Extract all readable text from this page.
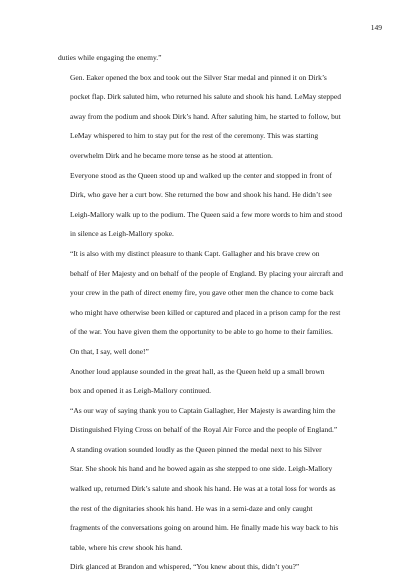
149

duties while engaging the enemy.”

Gen. Eaker opened the box and took out the Silver Star medal and pinned it on Dirk’s
pocket flap. Dirk saluted him, who returned his salute and shook his hand. LeMay stepped
away from the podium and shook Dirk’s hand. After saluting him, he started to follow, but
LeMay whispered to him to stay put for the rest of the ceremony. This was starting
overwhelm Dirk and he became more tense as he stood at attention.

Everyone stood as the Queen stood up and walked up the center and stopped in front of
Dirk, who gave her a curt bow. She returned the bow and shook his hand. He didn’t see
Leigh-Mallory walk up to the podium. The Queen said a few more words to him and stood
in silence as Leigh-Mallory spoke.

“It is also with my distinct pleasure to thank Capt. Gallagher and his brave crew on
behalf of Her Majesty and on behalf of the people of England. By placing your aircraft and
your crew in the path of direct enemy fire, you gave other men the chance to come back
who might have otherwise been killed or captured and placed in a prison camp for the rest
of the war. You have given them the opportunity to be able to go home to their families.
On that, I say, well done!”

Another loud applause sounded in the great hall, as the Queen held up a small brown
box and opened it as Leigh-Mallory continued.

“As our way of saying thank you to Captain Gallagher, Her Majesty is awarding him the
Distinguished Flying Cross on behalf of the Royal Air Force and the people of England.”

A standing ovation sounded loudly as the Queen pinned the medal next to his Silver
Star. She shook his hand and he bowed again as she stepped to one side. Leigh-Mallory
walked up, returned Dirk’s salute and shook his hand. He was at a total loss for words as
the rest of the dignitaries shook his hand. He was in a semi-daze and only caught
fragments of the conversations going on around him. He finally made his way back to his
table, where his crew shook his hand.

Dirk glanced at Brandon and whispered, “You knew about this, didn’t you?”
